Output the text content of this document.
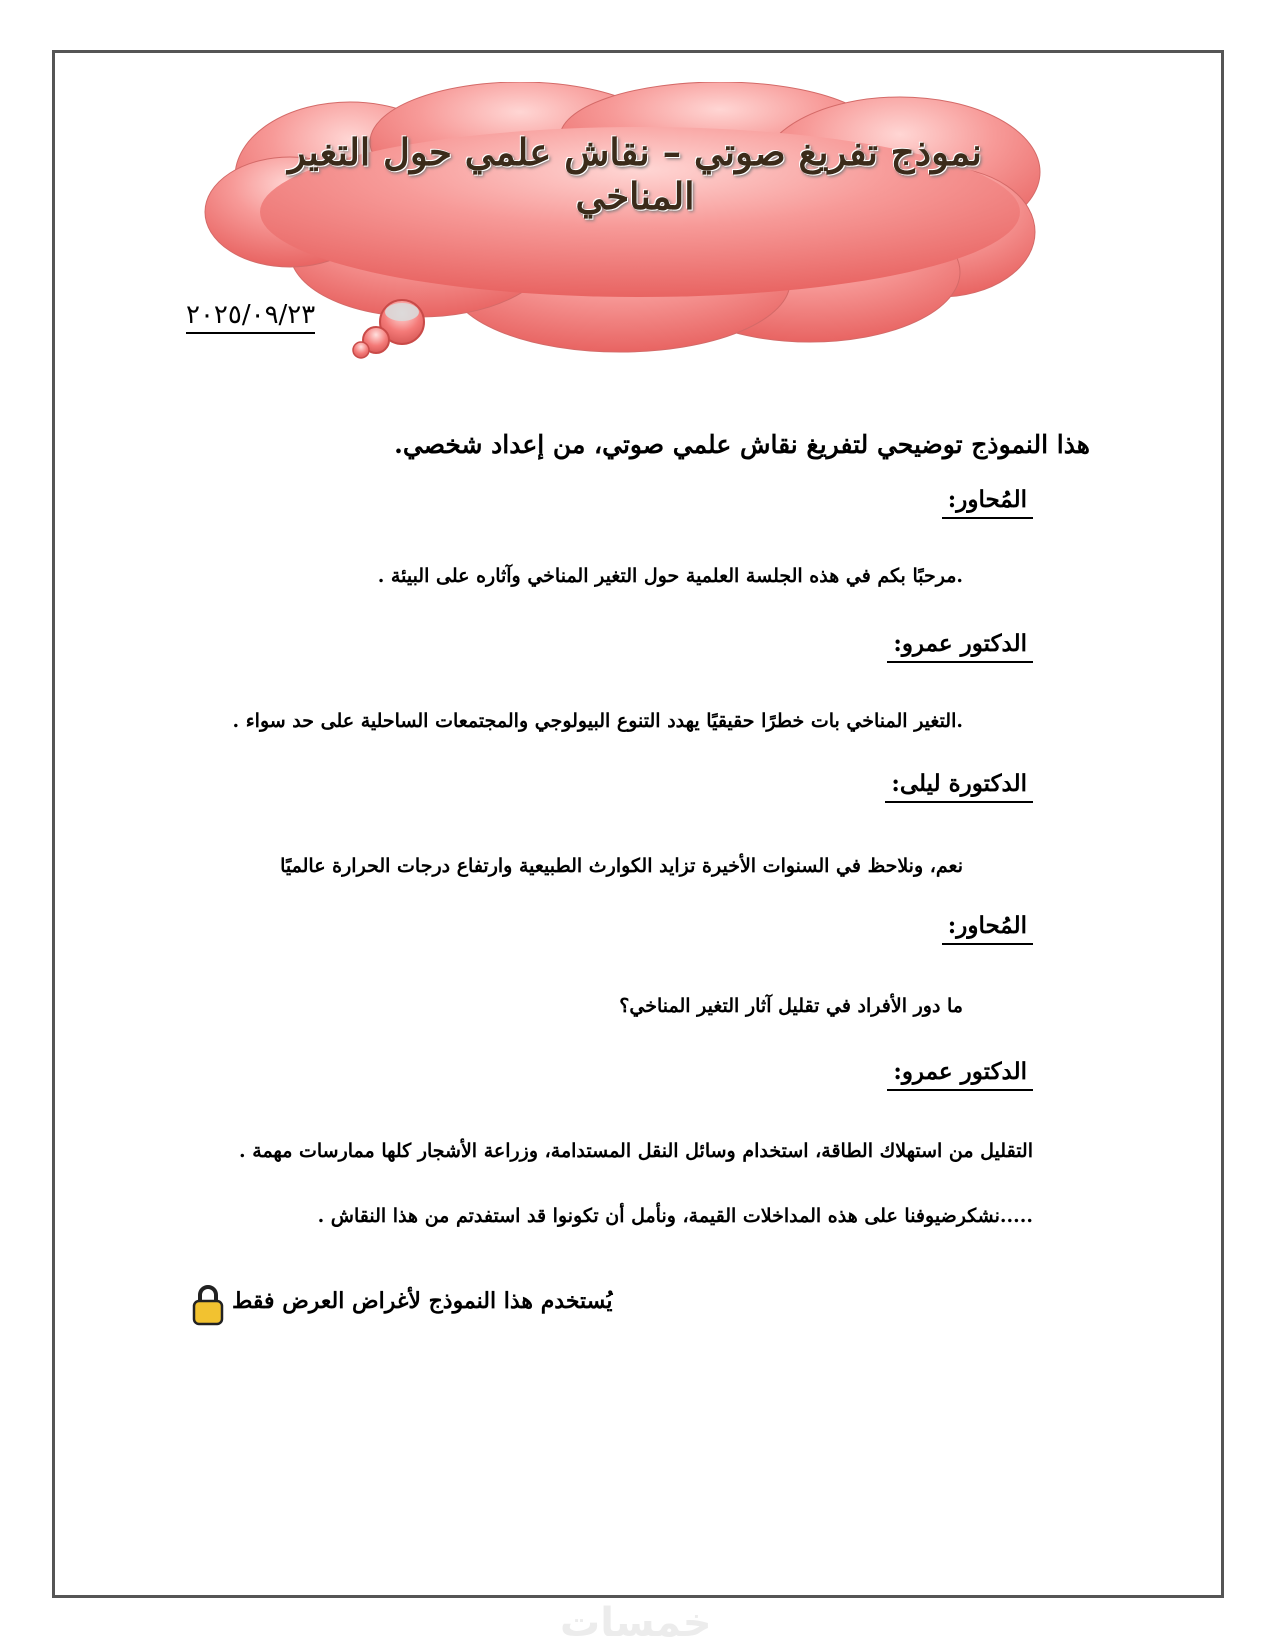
نموذج تفريغ صوتي – نقاش علمي حول التغير المناخي
٢٠٢٥/٠٩/٢٣
هذا النموذج توضيحي لتفريغ نقاش علمي صوتي، من إعداد شخصي.
المُحاور:
.مرحبًا بكم في هذه الجلسة العلمية حول التغير المناخي وآثاره على البيئة .
الدكتور عمرو:
.التغير المناخي بات خطرًا حقيقيًا يهدد التنوع البيولوجي والمجتمعات الساحلية على حد سواء .
الدكتورة ليلى:
نعم، ونلاحظ في السنوات الأخيرة تزايد الكوارث الطبيعية وارتفاع درجات الحرارة عالميًا
المُحاور:
ما دور الأفراد في تقليل آثار التغير المناخي؟
الدكتور عمرو:
التقليل من استهلاك الطاقة، استخدام وسائل النقل المستدامة، وزراعة الأشجار كلها ممارسات مهمة .
.....نشكرضيوفنا على هذه المداخلات القيمة، ونأمل أن تكونوا قد استفدتم من هذا النقاش .
يُستخدم هذا النموذج لأغراض العرض فقط
خمسات
